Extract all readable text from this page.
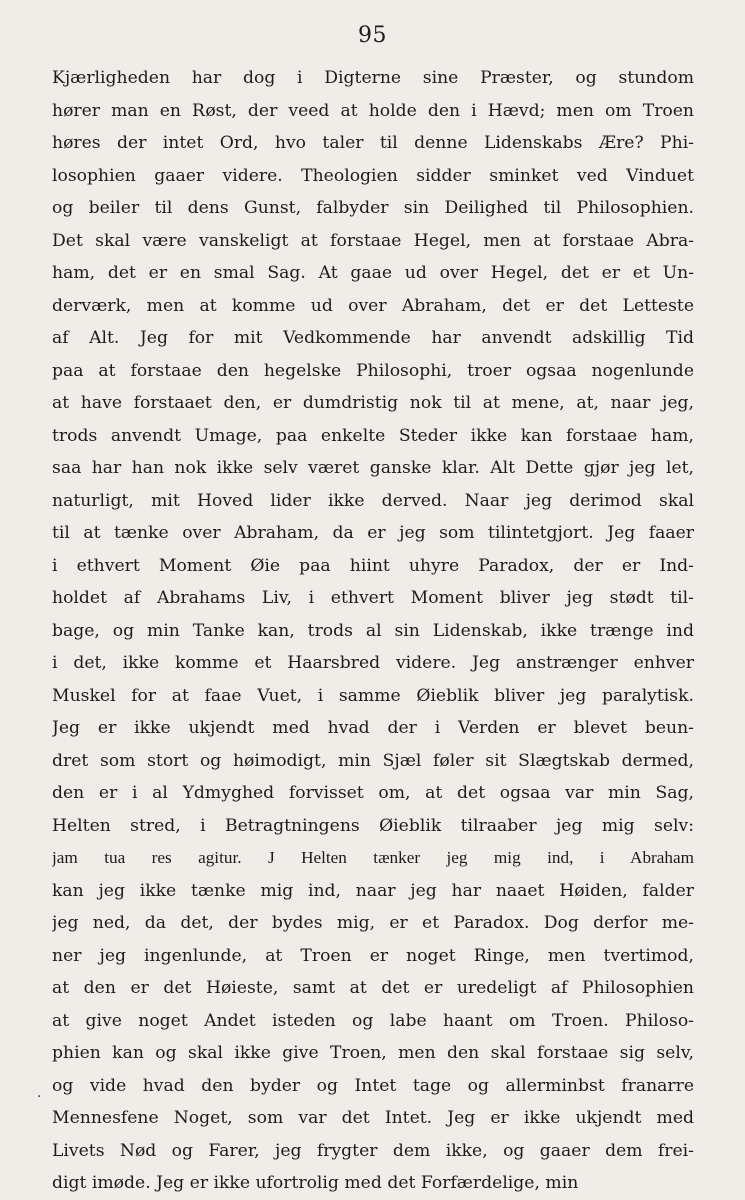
95
·
Kjærligheden har dog i Digterne sine Præster, og stundom
hører man en Røst, der veed at holde den i Hævd; men om Troen
høres der intet Ord, hvo taler til denne Lidenskabs Ære? Phi-
losophien gaaer videre. Theologien sidder sminket ved Vinduet
og beiler til dens Gunst, falbyder sin Deilighed til Philosophien.
Det skal være vanskeligt at forstaae Hegel, men at forstaae Abra-
ham, det er en smal Sag. At gaae ud over Hegel, det er et Un-
derværk, men at komme ud over Abraham, det er det Letteste
af Alt. Jeg for mit Vedkommende har anvendt adskillig Tid
paa at forstaae den hegelske Philosophi, troer ogsaa nogenlunde
at have forstaaet den, er dumdristig nok til at mene, at, naar jeg,
trods anvendt Umage, paa enkelte Steder ikke kan forstaae ham,
saa har han nok ikke selv været ganske klar. Alt Dette gjør jeg let,
naturligt, mit Hoved lider ikke derved. Naar jeg derimod skal
til at tænke over Abraham, da er jeg som tilintetgjort. Jeg faaer
i ethvert Moment Øie paa hiint uhyre Paradox, der er Ind-
holdet af Abrahams Liv, i ethvert Moment bliver jeg stødt til-
bage, og min Tanke kan, trods al sin Lidenskab, ikke trænge ind
i det, ikke komme et Haarsbred videre. Jeg anstrænger enhver
Muskel for at faae Vuet, i samme Øieblik bliver jeg paralytisk.
Jeg er ikke ukjendt med hvad der i Verden er blevet beun-
dret som stort og høimodigt, min Sjæl føler sit Slægtskab dermed,
den er i al Ydmyghed forvisset om, at det ogsaa var min Sag,
Helten stred, i Betragtningens Øieblik tilraaber jeg mig selv:
jam tua res agitur. J Helten tænker jeg mig ind, i Abraham
kan jeg ikke tænke mig ind, naar jeg har naaet Høiden, falder
jeg ned, da det, der bydes mig, er et Paradox. Dog derfor me-
ner jeg ingenlunde, at Troen er noget Ringe, men tvertimod,
at den er det Høieste, samt at det er uredeligt af Philosophien
at give noget Andet isteden og labe haant om Troen. Philoso-
phien kan og skal ikke give Troen, men den skal forstaae sig selv,
og vide hvad den byder og Intet tage og allerminbst franarre
Mennesfene Noget, som var det Intet. Jeg er ikke ukjendt med
Livets Nød og Farer, jeg frygter dem ikke, og gaaer dem frei-
digt imøde. Jeg er ikke ufortrolig med det Forfærdelige, min
